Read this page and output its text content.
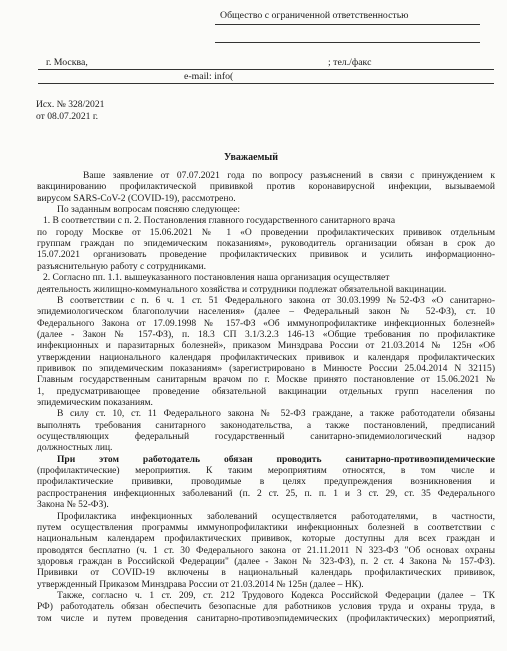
Общество с ограниченной ответственностью
г. Москва,	; тел./факс
e-mail: info(
Исх. № 328/2021
от 08.07.2021 г.
Уважаемый
Ваше заявление от 07.07.2021 года по вопросу разъяснений в связи с принуждением к
вакцинированию профилактической прививкой против коронавирусной инфекции, вызываемой
вирусом SARS-CoV-2 (COVID-19), рассмотрено.
По заданным вопросам поясняю следующее:
1. В соответствии с п. 2. Постановления главного государственного санитарного врача
по городу Москве от 15.06.2021 № 1 «О проведении профилактических прививок отдельным
группам граждан по эпидемическим показаниям», руководитель организации обязан в срок до
15.07.2021 организовать проведение профилактических прививок и усилить информационно-
разъяснительную работу с сотрудниками.
2. Согласно пп. 1.1. вышеуказанного постановления наша организация осуществляет
деятельность жилищно-коммунального хозяйства и сотрудники подлежат обязательной вакцинации.
В соответствии с п. 6 ч. 1 ст. 51 Федерального закона от 30.03.1999 №52-ФЗ «О санитарно-
эпидемиологическом благополучии населения» (далее – Федеральный закон № 52-ФЗ), ст. 10
Федерального Закона от 17.09.1998 № 157-ФЗ «Об иммунопрофилактике инфекционных болезней»
(далее - Закон № 157-ФЗ), п. 18.3 СП 3.1/3.2.3 146-13 «Общие требования по профилактике
инфекционных и паразитарных болезней», приказом Минздрава России от 21.03.2014 № 125н «Об
утверждении национального календаря профилактических прививок и календаря профилактических
прививок по эпидемическим показаниям» (зарегистрировано в Минюсте России 25.04.2014 N 32115)
Главным государственным санитарным врачом по г. Москве принято постановление от 15.06.2021 №
1, предусматривающее проведение обязательной вакцинации отдельных групп населения по
эпидемическим показаниям.
В силу ст. 10, ст. 11 Федерального закона № 52-ФЗ граждане, а также работодатели обязаны
выполнять требования санитарного законодательства, а также постановлений, предписаний
осуществляющих федеральный государственный санитарно-эпидемиологический надзор
должностных лиц.
При этом работодатель обязан проводить санитарно-противоэпидемические
(профилактические) мероприятия. К таким мероприятиям относятся, в том числе и
профилактические прививки, проводимые в целях предупреждения возникновения и
распространения инфекционных заболеваний (п. 2 ст. 25, п. п. 1 и 3 ст. 29, ст. 35 Федерального
Закона № 52-ФЗ).
Профилактика инфекционных заболеваний осуществляется работодателями, в частности,
путем осуществления программы иммунопрофилактики инфекционных болезней в соответствии с
национальным календарем профилактических прививок, которые доступны для всех граждан и
проводятся бесплатно (ч. 1 ст. 30 Федерального закона от 21.11.2011 N 323-ФЗ "Об основах охраны
здоровья граждан в Российской Федерации" (далее - Закон № 323-ФЗ), п. 2 ст. 4 Закона № 157-ФЗ).
Прививки от COVID-19 включены в национальный календарь профилактических прививок,
утвержденный Приказом Минздрава России от 21.03.2014 № 125н (далее – НК).
Также, согласно ч. 1 ст. 209, ст. 212 Трудового Кодекса Российской Федерации (далее – ТК
РФ) работодатель обязан обеспечить безопасные для работников условия труда и охраны труда, в
том числе и путем проведения санитарно-противоэпидемических (профилактических) мероприятий,
